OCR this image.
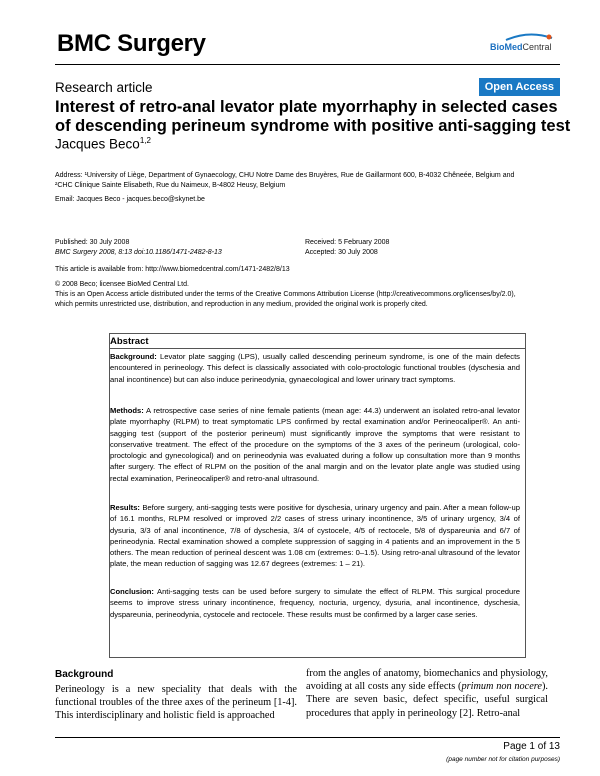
BMC Surgery	BioMedCentral
Research article	Open Access
Interest of retro-anal levator plate myorrhaphy in selected cases of descending perineum syndrome with positive anti-sagging test
Jacques Beco$^{1,2}$
Address: ¹University of Liège, Department of Gynaecology, CHU Notre Dame des Bruyères, Rue de Gaillarmont 600, B-4032 Chêneée, Belgium and
²CHC Clinique Sainte Elisabeth, Rue du Naimeux, B-4802 Heusy, Belgium
Email: Jacques Beco - jacques.beco@skynet.be
Published: 30 July 2008
BMC Surgery 2008, 8:13 doi:10.1186/1471-2482-8-13
Received: 5 February 2008
Accepted: 30 July 2008
This article is available from: http://www.biomedcentral.com/1471-2482/8/13
© 2008 Beco; licensee BioMed Central Ltd.
This is an Open Access article distributed under the terms of the Creative Commons Attribution License (http://creativecommons.org/licenses/by/2.0),
which permits unrestricted use, distribution, and reproduction in any medium, provided the original work is properly cited.
Abstract
Background: Levator plate sagging (LPS), usually called descending perineum syndrome, is one of the main defects encountered in perineology. This defect is classically associated with colo-proctologic functional troubles (dyschesia and anal incontinence) but can also induce perineodynia, gynaecological and lower urinary tract symptoms.
Methods: A retrospective case series of nine female patients (mean age: 44.3) underwent an isolated retro-anal levator plate myorrhaphy (RLPM) to treat symptomatic LPS confirmed by rectal examination and/or Perineocaliper®. An anti-sagging test (support of the posterior perineum) must significantly improve the symptoms that were resistant to conservative treatment. The effect of the procedure on the symptoms of the 3 axes of the perineum (urological, colo-proctologic and gynecological) and on perineodynia was evaluated during a follow up consultation more than 9 months after surgery. The effect of RLPM on the position of the anal margin and on the levator plate angle was studied using rectal examination, Perineocaliper® and retro-anal ultrasound.
Results: Before surgery, anti-sagging tests were positive for dyschesia, urinary urgency and pain. After a mean follow-up of 16.1 months, RLPM resolved or improved 2/2 cases of stress urinary incontinence, 3/5 of urinary urgency, 3/4 of dysuria, 3/3 of anal incontinence, 7/8 of dyschesia, 3/4 of cystocele, 4/5 of rectocele, 5/8 of dyspareunia and 6/7 of perineodynia. Rectal examination showed a complete suppression of sagging in 4 patients and an improvement in the 5 others. The mean reduction of perineal descent was 1.08 cm (extremes: 0–1.5). Using retro-anal ultrasound of the levator plate, the mean reduction of sagging was 12.67 degrees (extremes: 1 – 21).
Conclusion: Anti-sagging tests can be used before surgery to simulate the effect of RLPM. This surgical procedure seems to improve stress urinary incontinence, frequency, nocturia, urgency, dysuria, anal incontinence, dyschesia, dyspareunia, perineodynia, cystocele and rectocele. These results must be confirmed by a larger case series.
Background
Perineology is a new speciality that deals with the functional troubles of the three axes of the perineum [1-4]. This interdisciplinary and holistic field is approached
from the angles of anatomy, biomechanics and physiology, avoiding at all costs any side effects (primum non nocere). There are seven basic, defect specific, useful surgical procedures that apply in perineology [2]. Retro-anal
Page 1 of 13
(page number not for citation purposes)
